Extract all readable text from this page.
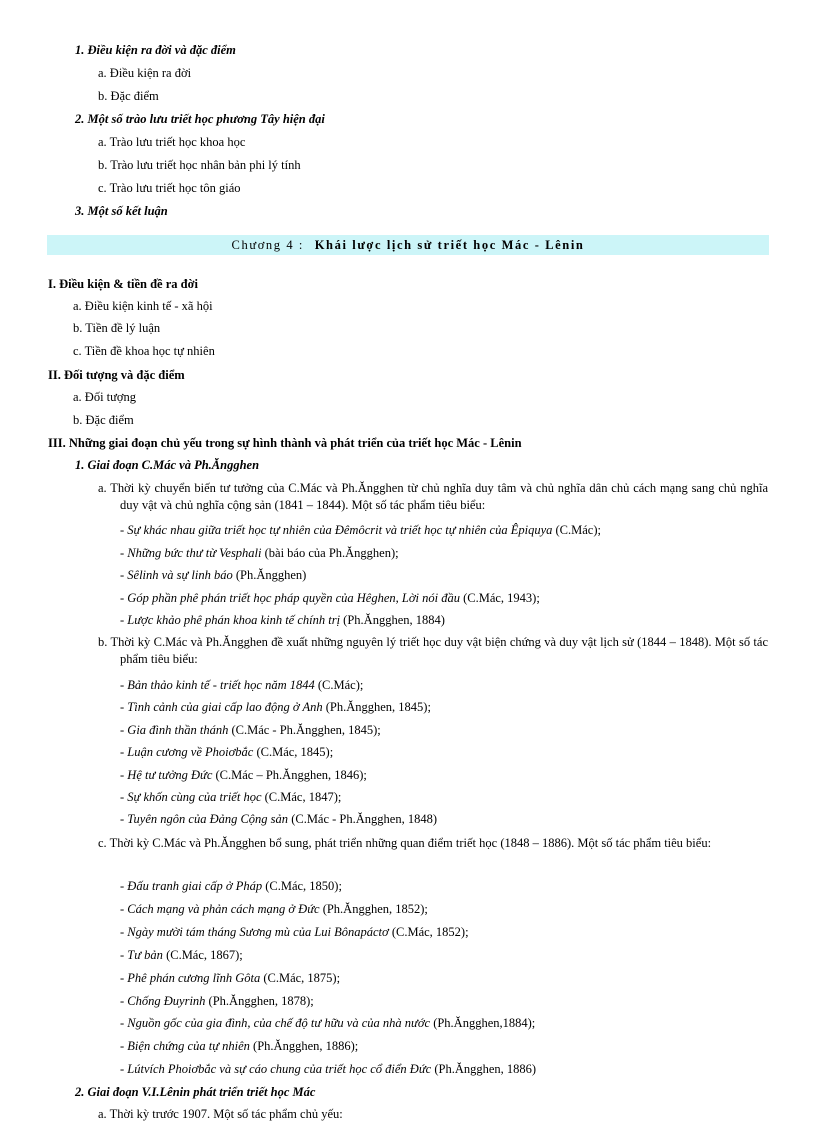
1. Điều kiện ra đời và đặc điểm
a. Điều kiện ra đời
b. Đặc điểm
2. Một số trào lưu triết học phương Tây hiện đại
a. Trào lưu triết học khoa học
b. Trào lưu triết học nhân bản phi lý tính
c. Trào lưu triết học tôn giáo
3. Một số kết luận
Chương 4 : Khái lược lịch sử triết học Mác - Lênin
I. Điều kiện & tiền đề ra đời
a. Điều kiện kinh tế - xã hội
b. Tiền đề lý luận
c. Tiền đề khoa học tự nhiên
II. Đối tượng và đặc điểm
a. Đối tượng
b. Đặc điểm
III. Những giai đoạn chủ yếu trong sự hình thành và phát triển của triết học Mác - Lênin
1. Giai đoạn C.Mác và Ph.Ăngghen
a. Thời kỳ chuyển biến tư tưởng của C.Mác và Ph.Ăngghen từ chủ nghĩa duy tâm và chủ nghĩa dân chủ cách mạng sang chủ nghĩa duy vật và chủ nghĩa cộng sản (1841 – 1844). Một số tác phẩm tiêu biểu:
- Sự khác nhau giữa triết học tự nhiên của Đêmôcrit và triết học tự nhiên của Êpiquya (C.Mác);
- Những bức thư từ Vesphali (bài báo của Ph.Ăngghen);
- Sêlinh và sự linh báo (Ph.Ăngghen)
- Góp phần phê phán triết học pháp quyền của Hêghen, Lời nói đầu (C.Mác, 1943);
- Lược khảo phê phán khoa kinh tế chính trị (Ph.Ăngghen, 1884)
b. Thời kỳ C.Mác và Ph.Ăngghen đề xuất những nguyên lý triết học duy vật biện chứng và duy vật lịch sử (1844 – 1848). Một số tác phẩm tiêu biểu:
- Bản thảo kinh tế - triết học năm 1844 (C.Mác);
- Tình cảnh của giai cấp lao động ở Anh (Ph.Ăngghen, 1845);
- Gia đình thần thánh (C.Mác - Ph.Ăngghen, 1845);
- Luận cương về Phoiơbắc (C.Mác, 1845);
- Hệ tư tưởng Đức (C.Mác – Ph.Ăngghen, 1846);
- Sự khốn cùng của triết học (C.Mác, 1847);
- Tuyên ngôn của Đảng Cộng sản (C.Mác - Ph.Ăngghen, 1848)
c. Thời kỳ C.Mác và Ph.Ăngghen bổ sung, phát triển những quan điểm triết học (1848 – 1886). Một số tác phẩm tiêu biểu:
- Đấu tranh giai cấp ở Pháp (C.Mác, 1850);
- Cách mạng và phản cách mạng ở Đức (Ph.Ăngghen, 1852);
- Ngày mười tám tháng Sương mù của Lui Bônapáctơ (C.Mác, 1852);
- Tư bản (C.Mác, 1867);
- Phê phán cương lĩnh Gôta (C.Mác, 1875);
- Chống Đuyrinh (Ph.Ăngghen, 1878);
- Nguồn gốc của gia đình, của chế độ tư hữu và của nhà nước (Ph.Ăngghen,1884);
- Biện chứng của tự nhiên (Ph.Ăngghen, 1886);
- Lútvích Phoiơbắc và sự cáo chung của triết học cổ điển Đức (Ph.Ăngghen, 1886)
2. Giai đoạn V.I.Lênin phát triển triết học Mác
a. Thời kỳ trước 1907. Một số tác phẩm chủ yếu:
